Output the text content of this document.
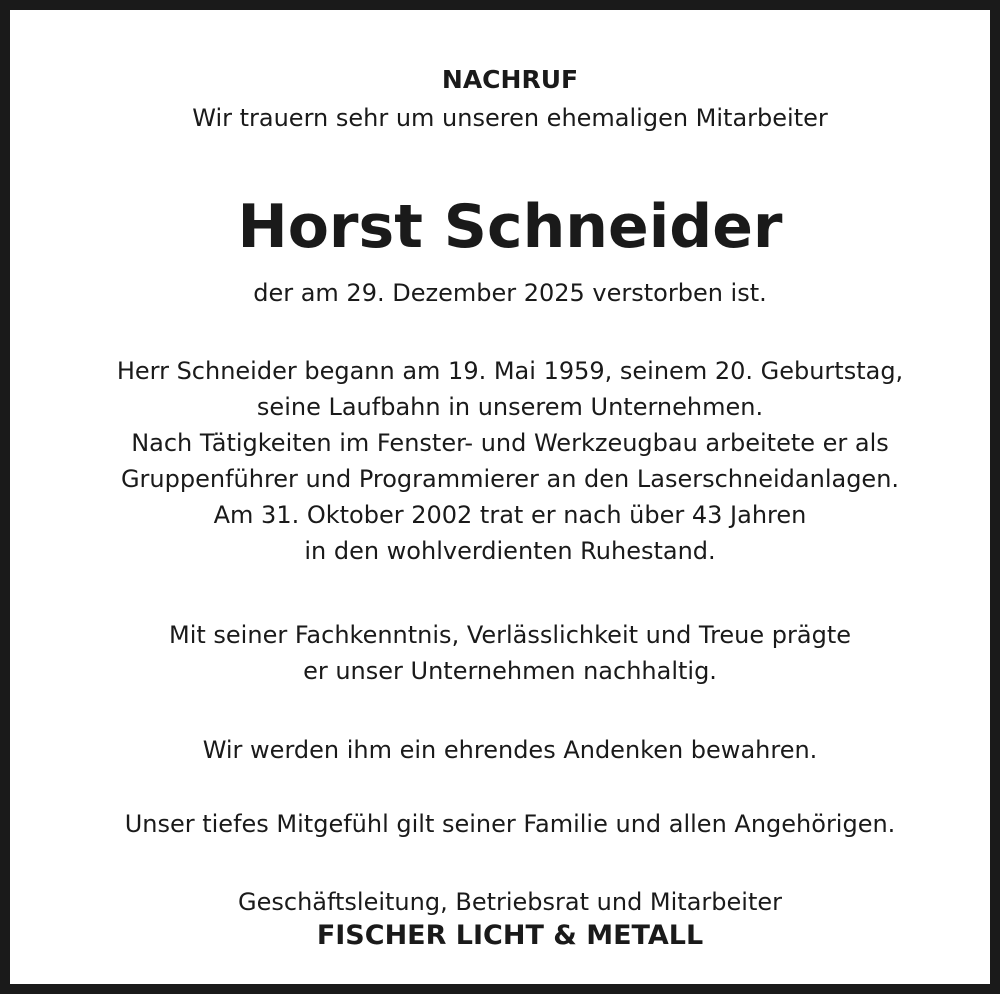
NACHRUF
Wir trauern sehr um unseren ehemaligen Mitarbeiter
Horst Schneider
der am 29. Dezember 2025 verstorben ist.
Herr Schneider begann am 19. Mai 1959, seinem 20. Geburtstag,
seine Laufbahn in unserem Unternehmen.
Nach Tätigkeiten im Fenster- und Werkzeugbau arbeitete er als
Gruppenführer und Programmierer an den Laserschneidanlagen.
Am 31. Oktober 2002 trat er nach über 43 Jahren
in den wohlverdienten Ruhestand.
Mit seiner Fachkenntnis, Verlässlichkeit und Treue prägte
er unser Unternehmen nachhaltig.
Wir werden ihm ein ehrendes Andenken bewahren.
Unser tiefes Mitgefühl gilt seiner Familie und allen Angehörigen.
Geschäftsleitung, Betriebsrat und Mitarbeiter
FISCHER LICHT & METALL
